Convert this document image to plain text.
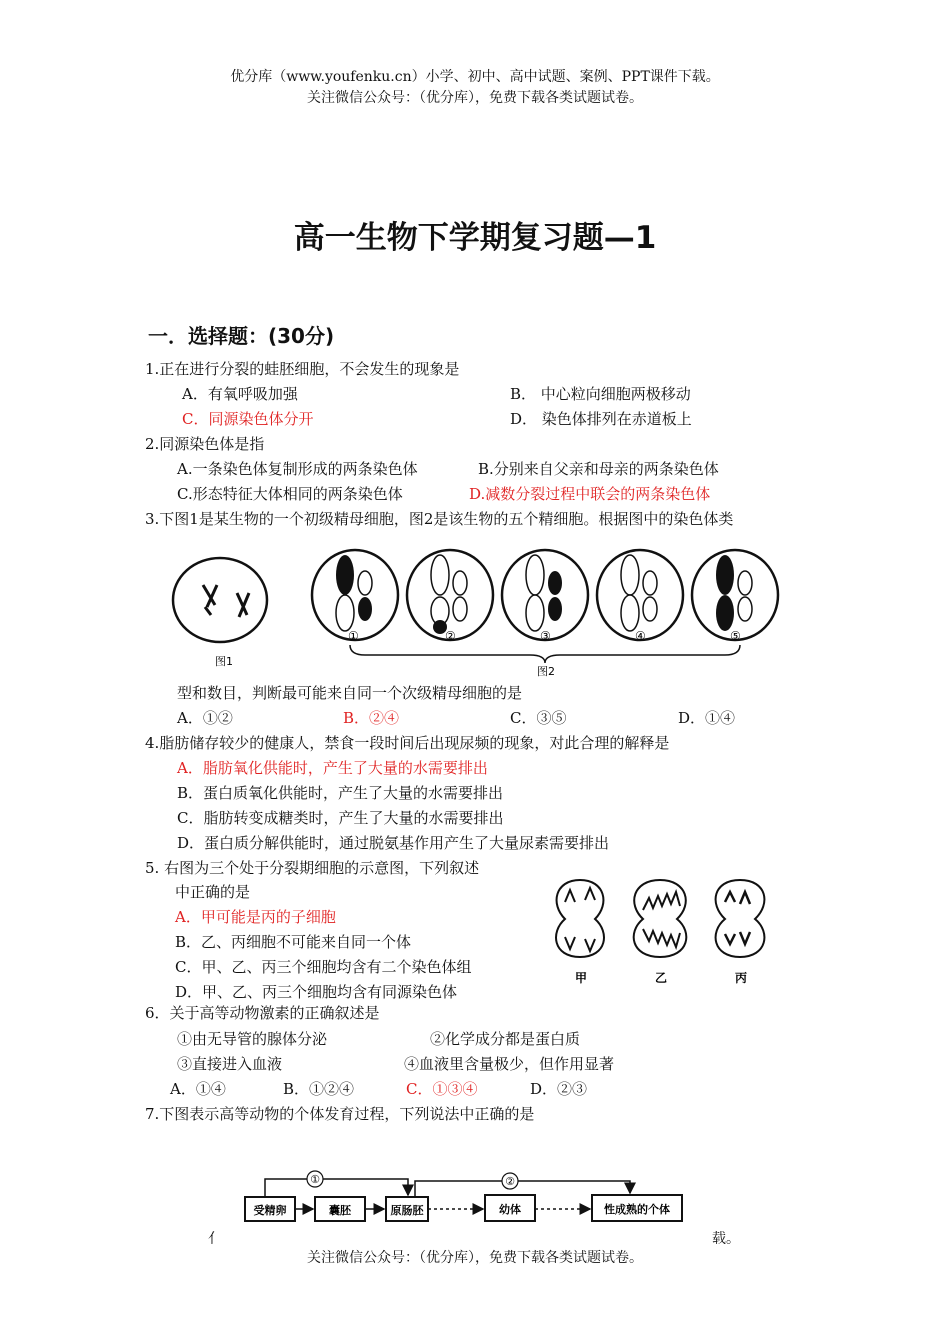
优分库（www.youfenku.cn）小学、初中、高中试题、案例、PPT课件下载。
关注微信公众号：（优分库），免费下载各类试题试卷。
高一生物下学期复习题—1
一．选择题：(30分)
1.正在进行分裂的蛙胚细胞，不会发生的现象是
A．有氧呼吸加强	B． 中心粒向细胞两极移动
C．同源染色体分开	D． 染色体排列在赤道板上
2.同源染色体是指
A.一条染色体复制形成的两条染色体	B.分别来自父亲和母亲的两条染色体
C.形态特征大体相同的两条染色体	D.减数分裂过程中联会的两条染色体
3.下图1是某生物的一个初级精母细胞，图2是该生物的五个精细胞。根据图中的染色体类
图1
①	②	③	④	⑤
图2
型和数目，判断最可能来自同一个次级精母细胞的是
A．①②	B．②④	C．③⑤	D．①④
4.脂肪储存较少的健康人，禁食一段时间后出现尿频的现象，对此合理的解释是
A．脂肪氧化供能时，产生了大量的水需要排出
B．蛋白质氧化供能时，产生了大量的水需要排出
C．脂肪转变成糖类时，产生了大量的水需要排出
D．蛋白质分解供能时，通过脱氨基作用产生了大量尿素需要排出
5. 右图为三个处于分裂期细胞的示意图，下列叙述
中正确的是
A．甲可能是丙的子细胞
B．乙、丙细胞不可能来自同一个体
C．甲、乙、丙三个细胞均含有二个染色体组
D．甲、乙、丙三个细胞均含有同源染色体
甲	乙	丙
6．关于高等动物激素的正确叙述是
①由无导管的腺体分泌	②化学成分都是蛋白质
③直接进入血液	④血液里含量极少，但作用显著
A．①④	B．①②④	C．①③④	D．②③
7.下图表示高等动物的个体发育过程，下列说法中正确的是
受精卵	囊胚	原肠胚	幼体	性成熟的个体
①	②
亻	载。
关注微信公众号：（优分库），免费下载各类试题试卷。
